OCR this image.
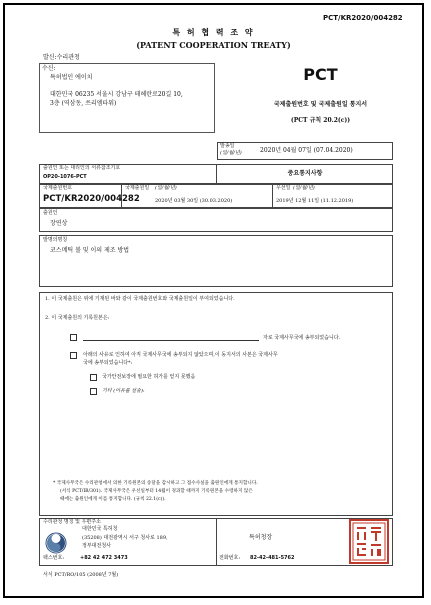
PCT/KR2020/004282
특 허 협 력 조 약
(PATENT COOPERATION TREATY)
발신:수리관청
수신:
특허법인 에이치
대한민국 06235 서울시 강남구 테헤란로20길 10,
3층 (역삼동, 쓰리엠타워)
PCT
국제출원번호 및 국제출원일 통지서
(PCT 규칙 20.2(c))
발송일
(일/월/년)	2020년 04월 07일 (07.04.2020)
출원인 또는 대리인의 서류참조기호
OP20-1076-PCT	중요통지사항
국제출원번호
PCT/KR2020/004282
국제출원일 (일/월/년)
2020년 03월 30일 (30.03.2020)
우선일 (일/월/년)
2019년 12월 11일 (11.12.2019)
출원인
장연상
발명의명칭
코스메틱 볼 및 이의 제조 방법
1. 이 국제출원은 위에 기재된 바와 같이 국제출원번호와 국제출원일이 부여되었습니다.
2. 이 국제출원의 기록원본은:
자로 국제사무국에 송부되었습니다.
아래의 사유로 인하여 아직 국제사무국에 송부되지 않았으며,이 동지서의 사본은 국제사무
국에 송부되었습니다*:
국가안전보장에 필요한 허가를 얻지 못했음
기타 (이유를 설술):
* 국제사무국은 수리관청에서 의한 기록원본의 송달을 감시하고 그 접수사실을 출원인에게 통지합니다.
(서식 PCT/IB/301). 국제사무국은 우선일부터 14월이 경과할 때까지 기록원본을 수령하지 않은
때에는 출원인에게 이를 통지합니다. (규칙 22.1(c)).
수리관청 명칭 및 우편주소
대한민국 특허청
(35208) 대전광역시 서구 청사로 189,
정부대전청사
팩스번호:	+82 42 472 3473
특허청장
전화번호: 82-42-481-5762
서식 PCT/RO/105 (2008년 7월)
